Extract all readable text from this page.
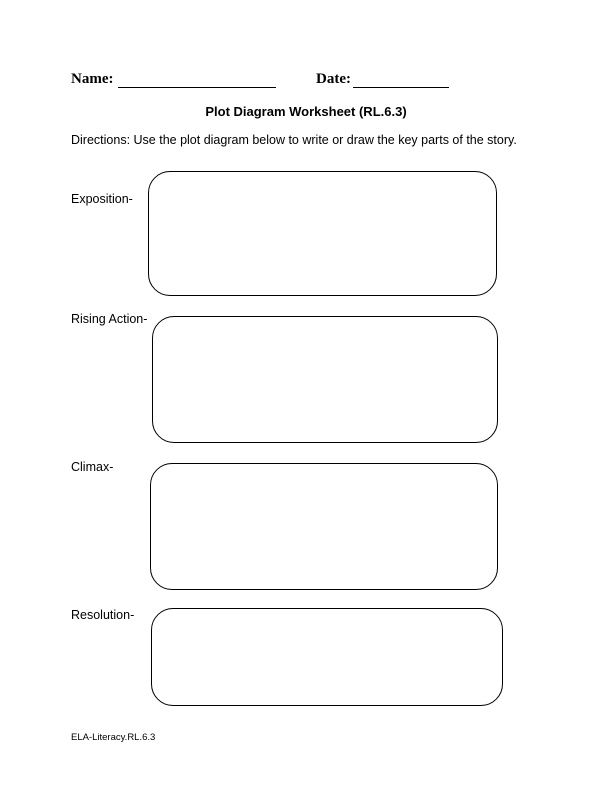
Name:	Date:
Plot Diagram Worksheet (RL.6.3)
Directions: Use the plot diagram below to write or draw the key parts of the story.
Exposition-
Rising Action-
Climax-
Resolution-
ELA-Literacy.RL.6.3
